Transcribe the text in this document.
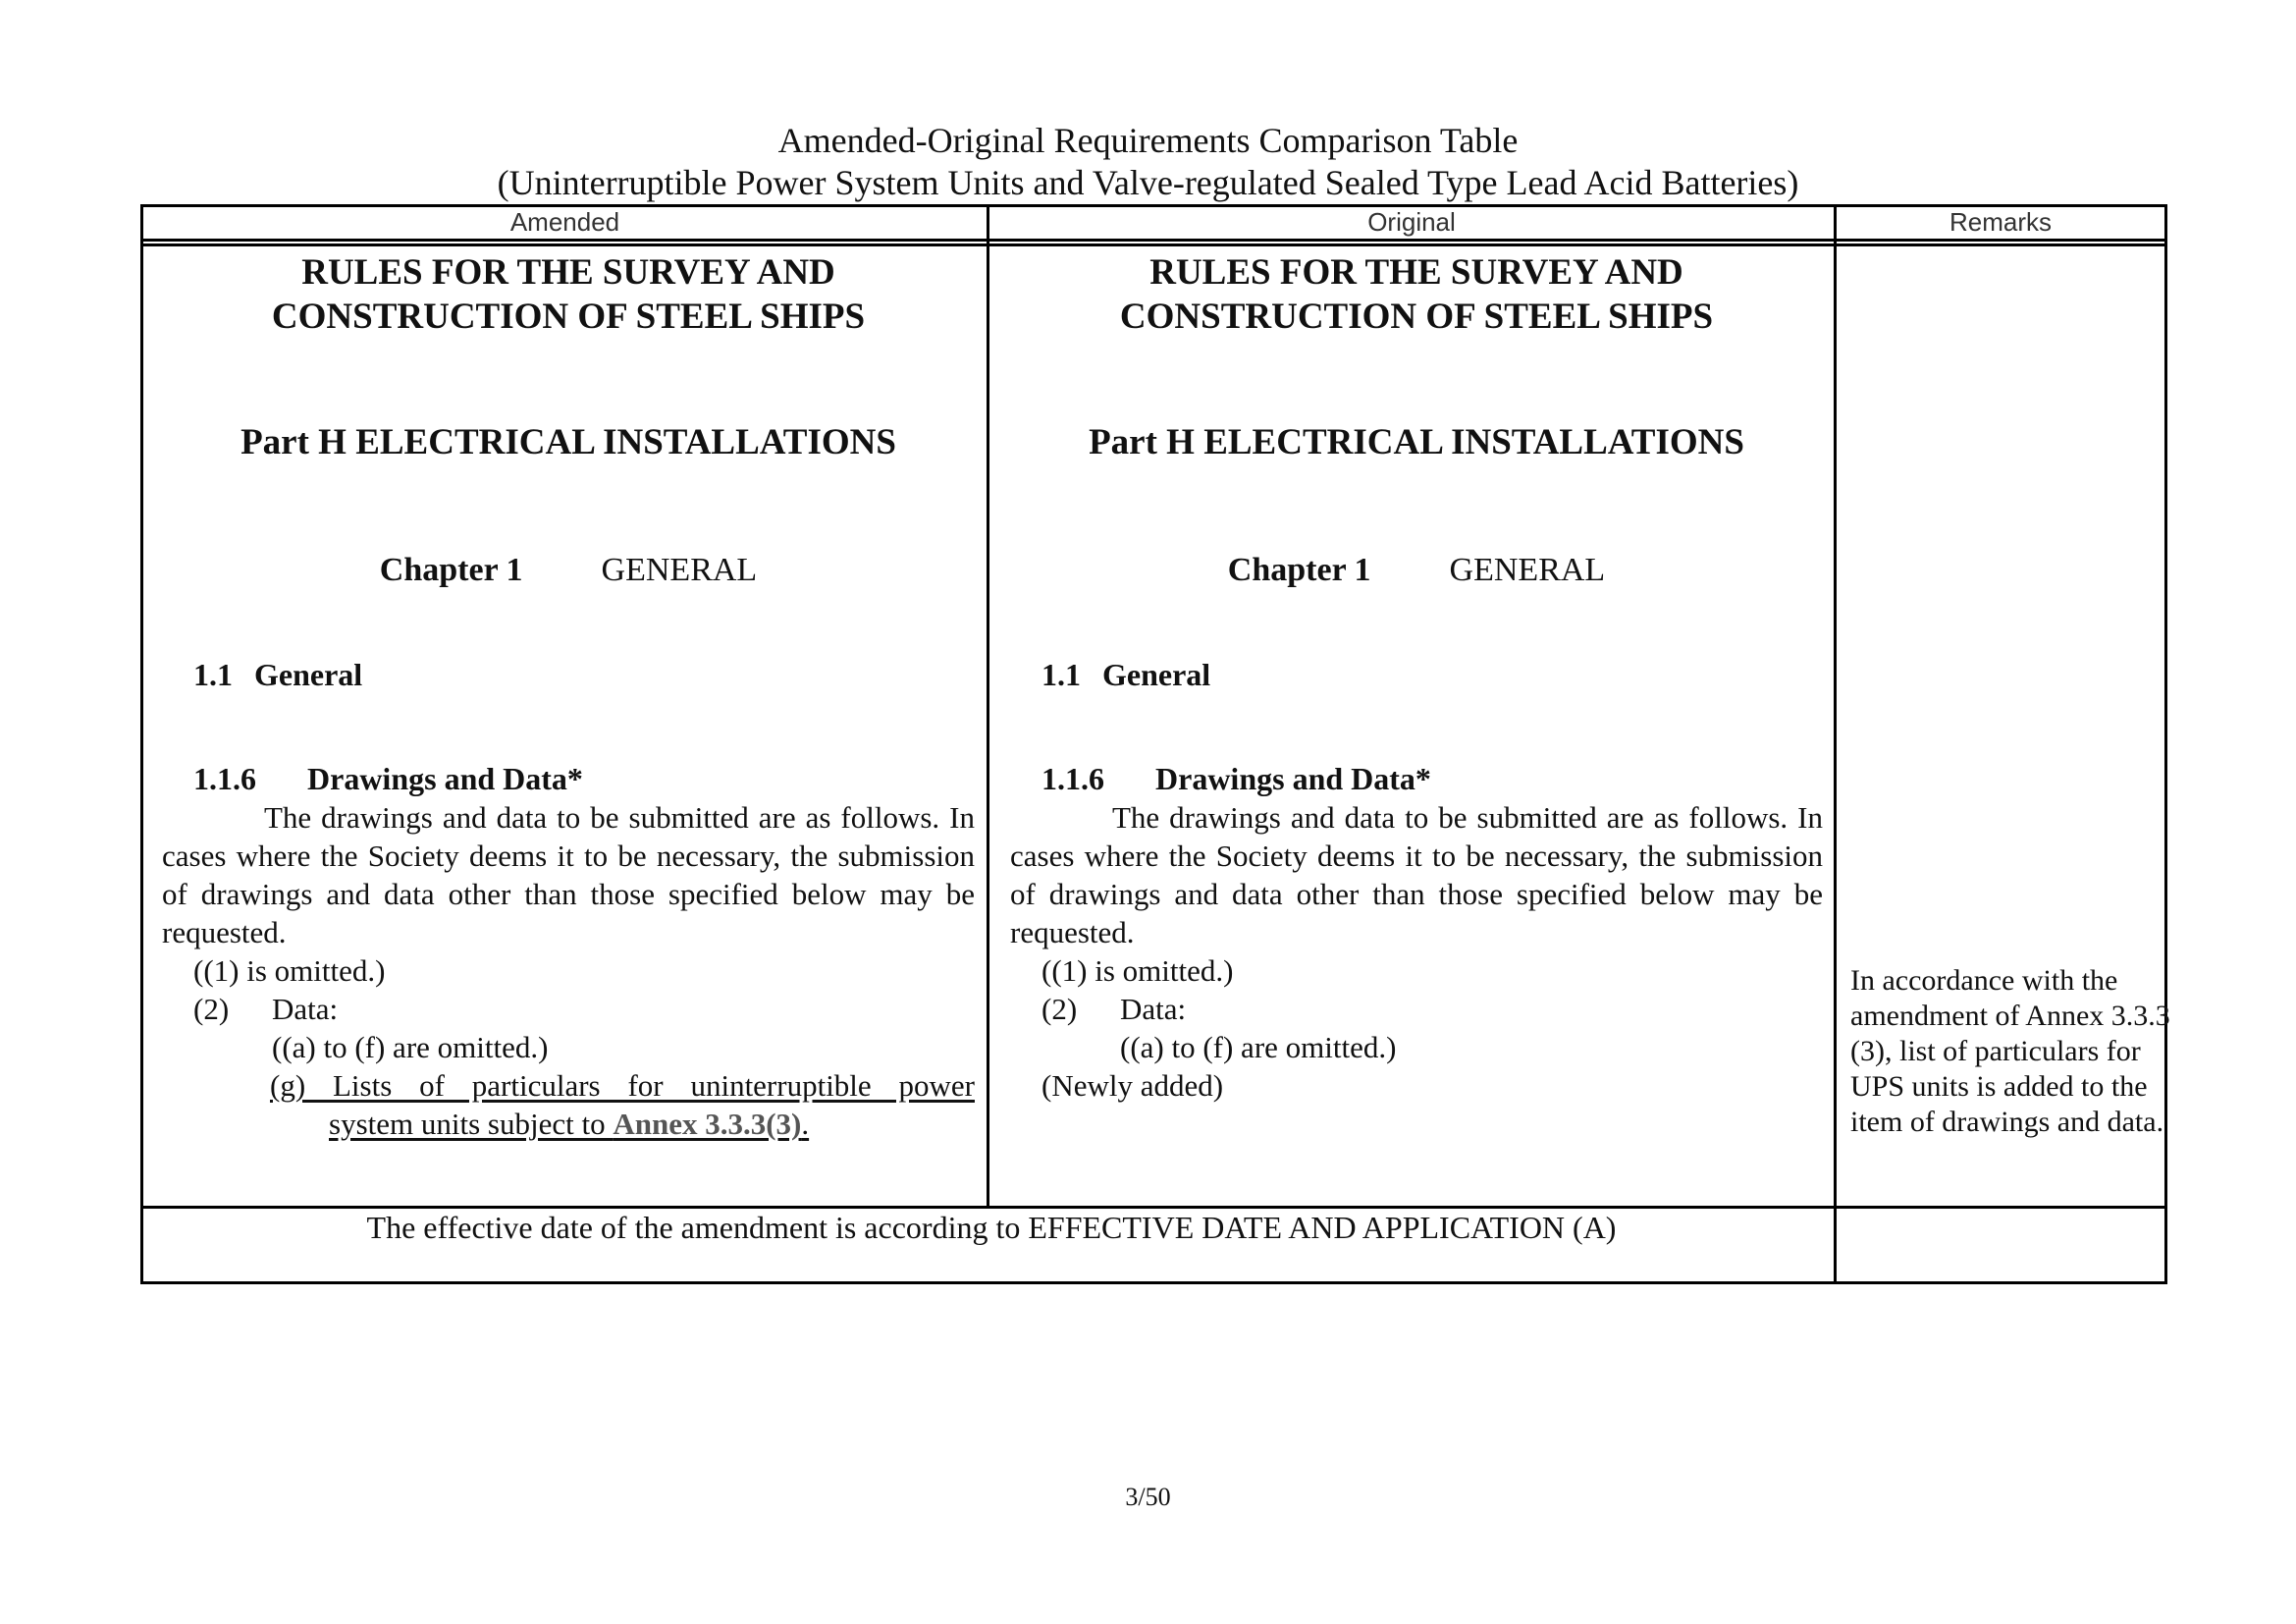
Amended-Original Requirements Comparison Table
(Uninterruptible Power System Units and Valve-regulated Sealed Type Lead Acid Batteries)
Amended	Original	Remarks
RULES FOR THE SURVEY AND
CONSTRUCTION OF STEEL SHIPS
Part H ELECTRICAL INSTALLATIONS
Chapter 1 GENERAL
1.1 General
1.1.6 Drawings and Data*
The drawings and data to be submitted are as follows. In cases where the Society deems it to be necessary, the submission of drawings and data other than those specified below may be requested.
((1) is omitted.)
(2) Data:
((a) to (f) are omitted.)
(g) Lists of particulars for uninterruptible power
system units subject to Annex 3.3.3(3).
RULES FOR THE SURVEY AND
CONSTRUCTION OF STEEL SHIPS
Part H ELECTRICAL INSTALLATIONS
Chapter 1 GENERAL
1.1 General
1.1.6 Drawings and Data*
The drawings and data to be submitted are as follows. In cases where the Society deems it to be necessary, the submission of drawings and data other than those specified below may be requested.
((1) is omitted.)
(2) Data:
((a) to (f) are omitted.)
(Newly added)
In accordance with the amendment of Annex 3.3.3 (3), list of particulars for UPS units is added to the item of drawings and data.
The effective date of the amendment is according to EFFECTIVE DATE AND APPLICATION (A)
3/50
